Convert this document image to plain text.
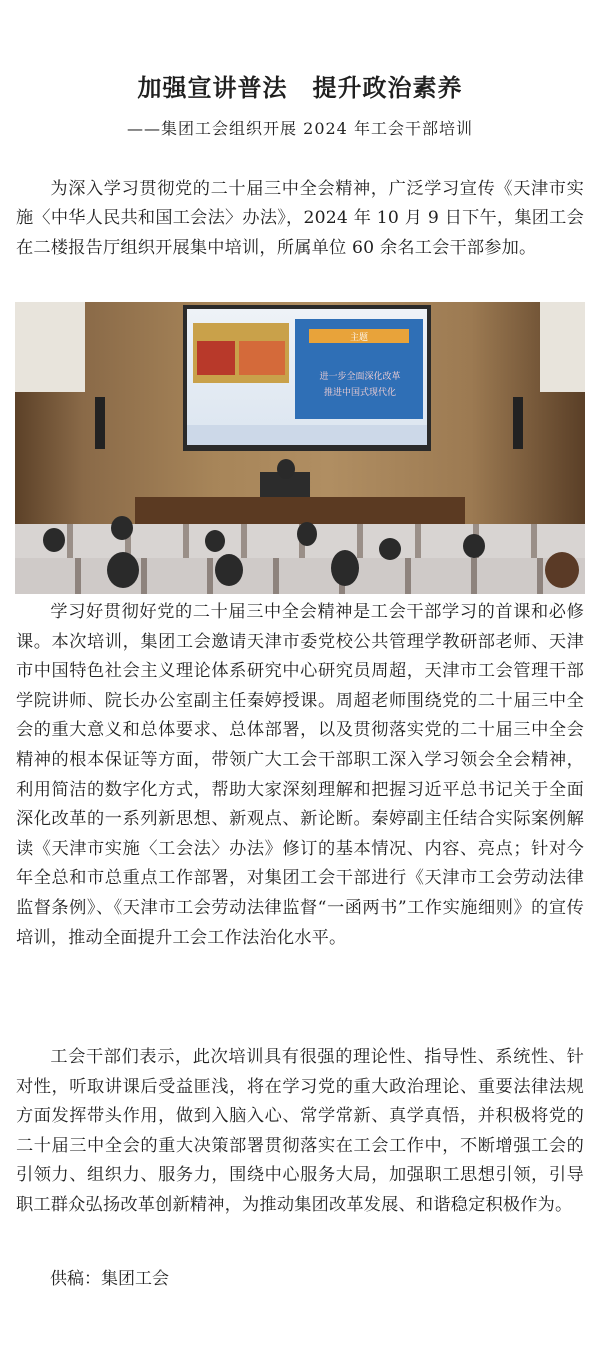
加强宣讲普法　提升政治素养
——集团工会组织开展 2024 年工会干部培训

为深入学习贯彻党的二十届三中全会精神，广泛学习宣传《天津市实施〈中华人民共和国工会法〉办法》，2024 年 10 月 9 日下午，集团工会在二楼报告厅组织开展集中培训，所属单位 60 余名工会干部参加。

主题
进一步全面深化改革
推进中国式现代化

学习好贯彻好党的二十届三中全会精神是工会干部学习的首课和必修课。本次培训，集团工会邀请天津市委党校公共管理学教研部老师、天津市中国特色社会主义理论体系研究中心研究员周超，天津市工会管理干部学院讲师、院长办公室副主任秦婷授课。周超老师围绕党的二十届三中全会的重大意义和总体要求、总体部署，以及贯彻落实党的二十届三中全会精神的根本保证等方面，带领广大工会干部职工深入学习领会全会精神，利用简洁的数字化方式，帮助大家深刻理解和把握习近平总书记关于全面深化改革的一系列新思想、新观点、新论断。秦婷副主任结合实际案例解读《天津市实施〈工会法〉办法》修订的基本情况、内容、亮点；针对今年全总和市总重点工作部署，对集团工会干部进行《天津市工会劳动法律监督条例》、《天津市工会劳动法律监督“一函两书”工作实施细则》的宣传培训，推动全面提升工会工作法治化水平。

工会干部们表示，此次培训具有很强的理论性、指导性、系统性、针对性，听取讲课后受益匪浅，将在学习党的重大政治理论、重要法律法规方面发挥带头作用，做到入脑入心、常学常新、真学真悟，并积极将党的二十届三中全会的重大决策部署贯彻落实在工会工作中，不断增强工会的引领力、组织力、服务力，围绕中心服务大局，加强职工思想引领，引导职工群众弘扬改革创新精神，为推动集团改革发展、和谐稳定积极作为。

供稿：集团工会
